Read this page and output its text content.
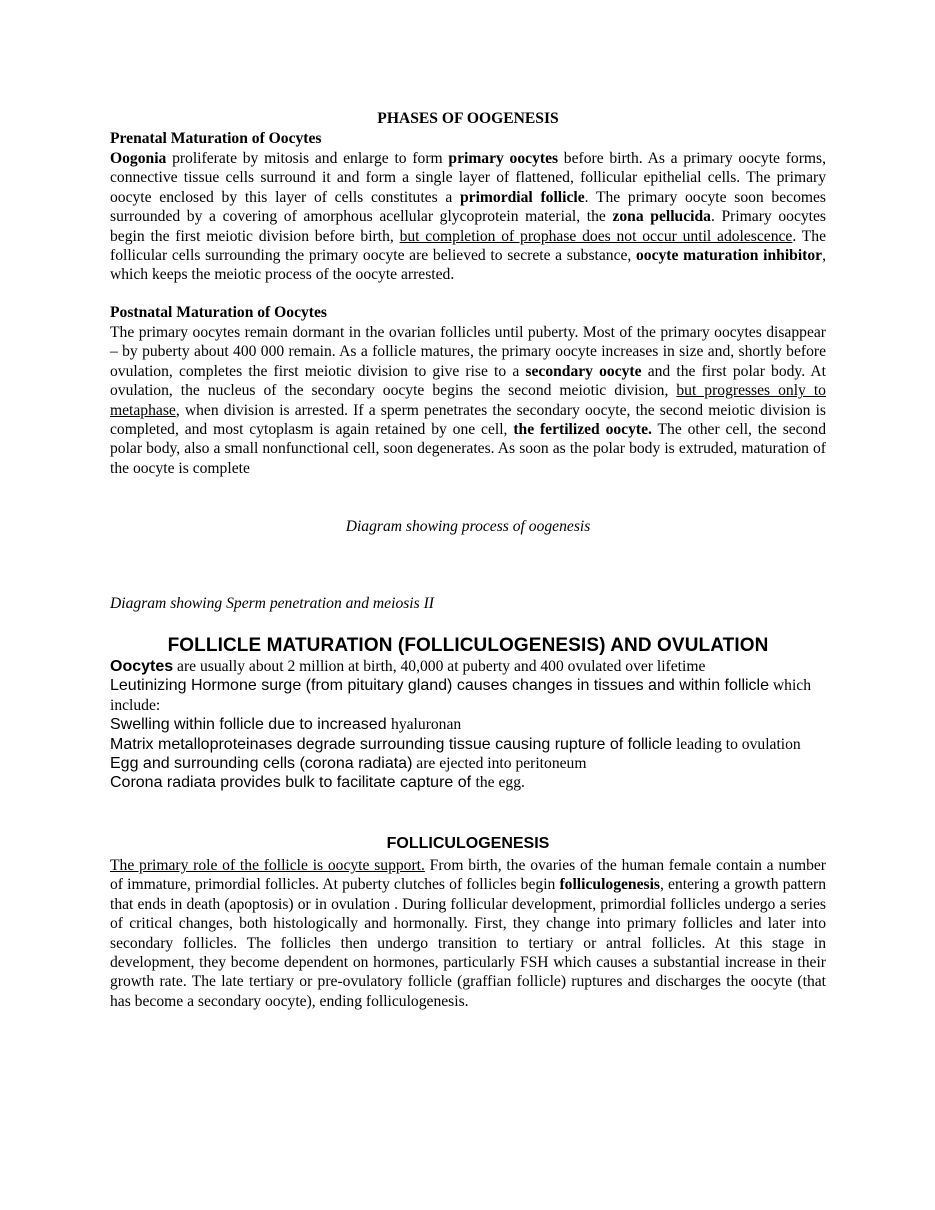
PHASES OF OOGENESIS
Prenatal Maturation of Oocytes

Oogonia proliferate by mitosis and enlarge to form primary oocytes before birth. As a primary oocyte forms, connective tissue cells surround it and form a single layer of flattened, follicular epithelial cells. The primary oocyte enclosed by this layer of cells constitutes a primordial follicle. The primary oocyte soon becomes surrounded by a covering of amorphous acellular glycoprotein material, the zona pellucida. Primary oocytes begin the first meiotic division before birth, but completion of prophase does not occur until adolescence. The follicular cells surrounding the primary oocyte are believed to secrete a substance, oocyte maturation inhibitor, which keeps the meiotic process of the oocyte arrested.

Postnatal Maturation of Oocytes

The primary oocytes remain dormant in the ovarian follicles until puberty. Most of the primary oocytes disappear – by puberty about 400 000 remain. As a follicle matures, the primary oocyte increases in size and, shortly before ovulation, completes the first meiotic division to give rise to a secondary oocyte and the first polar body. At ovulation, the nucleus of the secondary oocyte begins the second meiotic division, but progresses only to metaphase, when division is arrested. If a sperm penetrates the secondary oocyte, the second meiotic division is completed, and most cytoplasm is again retained by one cell, the fertilized oocyte. The other cell, the second polar body, also a small nonfunctional cell, soon degenerates. As soon as the polar body is extruded, maturation of the oocyte is complete

Diagram showing process of oogenesis
Diagram showing Sperm penetration and meiosis II
FOLLICLE MATURATION (FOLLICULOGENESIS) AND OVULATION
Oocytes are usually about 2 million at birth, 40,000 at puberty and 400 ovulated over lifetime
Leutinizing Hormone surge (from pituitary gland) causes changes in tissues and within follicle which include:
Swelling within follicle due to increased hyaluronan
Matrix metalloproteinases degrade surrounding tissue causing rupture of follicle leading to ovulation
Egg and surrounding cells (corona radiata) are ejected into peritoneum
Corona radiata provides bulk to facilitate capture of the egg.
FOLLICULOGENESIS

The primary role of the follicle is oocyte support. From birth, the ovaries of the human female contain a number of immature, primordial follicles. At puberty clutches of follicles begin folliculogenesis, entering a growth pattern that ends in death (apoptosis) or in ovulation . During follicular development, primordial follicles undergo a series of critical changes, both histologically and hormonally. First, they change into primary follicles and later into secondary follicles. The follicles then undergo transition to tertiary or antral follicles. At this stage in development, they become dependent on hormones, particularly FSH which causes a substantial increase in their growth rate. The late tertiary or pre-ovulatory follicle (graffian follicle) ruptures and discharges the oocyte (that has become a secondary oocyte), ending folliculogenesis.
